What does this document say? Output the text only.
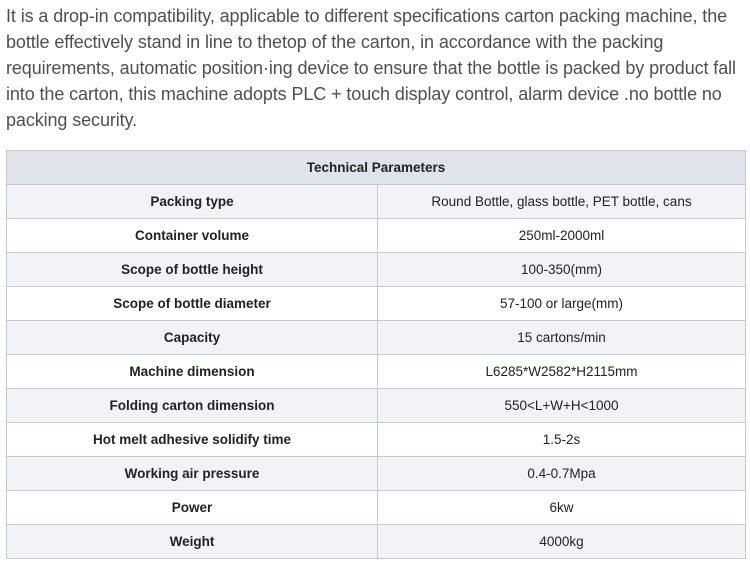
It is a drop-in compatibility, applicable to different specifications carton packing machine, the bottle effectively stand in line to thetop of the carton, in accordance with the packing requirements, automatic position·ing device to ensure that the bottle is packed by product fall into the carton, this machine adopts PLC + touch display control, alarm device .no bottle no packing security.

Technical Parameters	
Packing type	Round Bottle, glass bottle, PET bottle, cans
Container volume	250ml-2000ml
Scope of bottle height	100-350(mm)
Scope of bottle diameter	57-100 or large(mm)
Capacity	15 cartons/min
Machine dimension	L6285*W2582*H2115mm
Folding carton dimension	550<L+W+H<1000
Hot melt adhesive solidify time	1.5-2s
Working air pressure	0.4-0.7Mpa
Power	6kw
Weight	4000kg
